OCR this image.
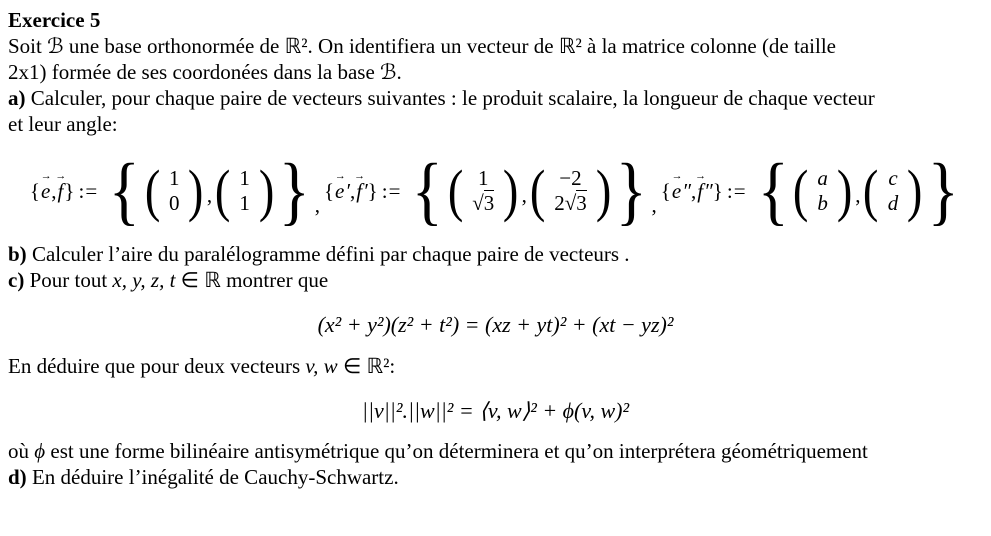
Exercice 5
Soit ℬ une base orthonormée de ℝ². On identifiera un vecteur de ℝ² à la matrice colonne (de taille
2x1) formée de ses coordonées dans la base ℬ.
a) Calculer, pour chaque paire de vecteurs suivantes : le produit scalaire, la longueur de chaque vecteur
et leur angle:
{
→
e,
→
f} := { ( 1
0 ) , ( 1
1 ) } ,
{
→
e′,
→
f′} := { ( 1
√3 ) , ( −2
2√3 ) } ,
{
→
e″,
→
f″} := { ( a
b ) , ( c
d ) }
b) Calculer l’aire du paralélogramme défini par chaque paire de vecteurs .
c) Pour tout x, y, z, t ∈ ℝ montrer que
(x² + y²)(z² + t²) = (xz + yt)² + (xt − yz)²
En déduire que pour deux vecteurs v, w ∈ ℝ²:
||v||².||w||² = ⟨v, w⟩² + ϕ(v, w)²
où ϕ est une forme bilinéaire antisymétrique qu’on déterminera et qu’on interprétera géométriquement
d) En déduire l’inégalité de Cauchy-Schwartz.
